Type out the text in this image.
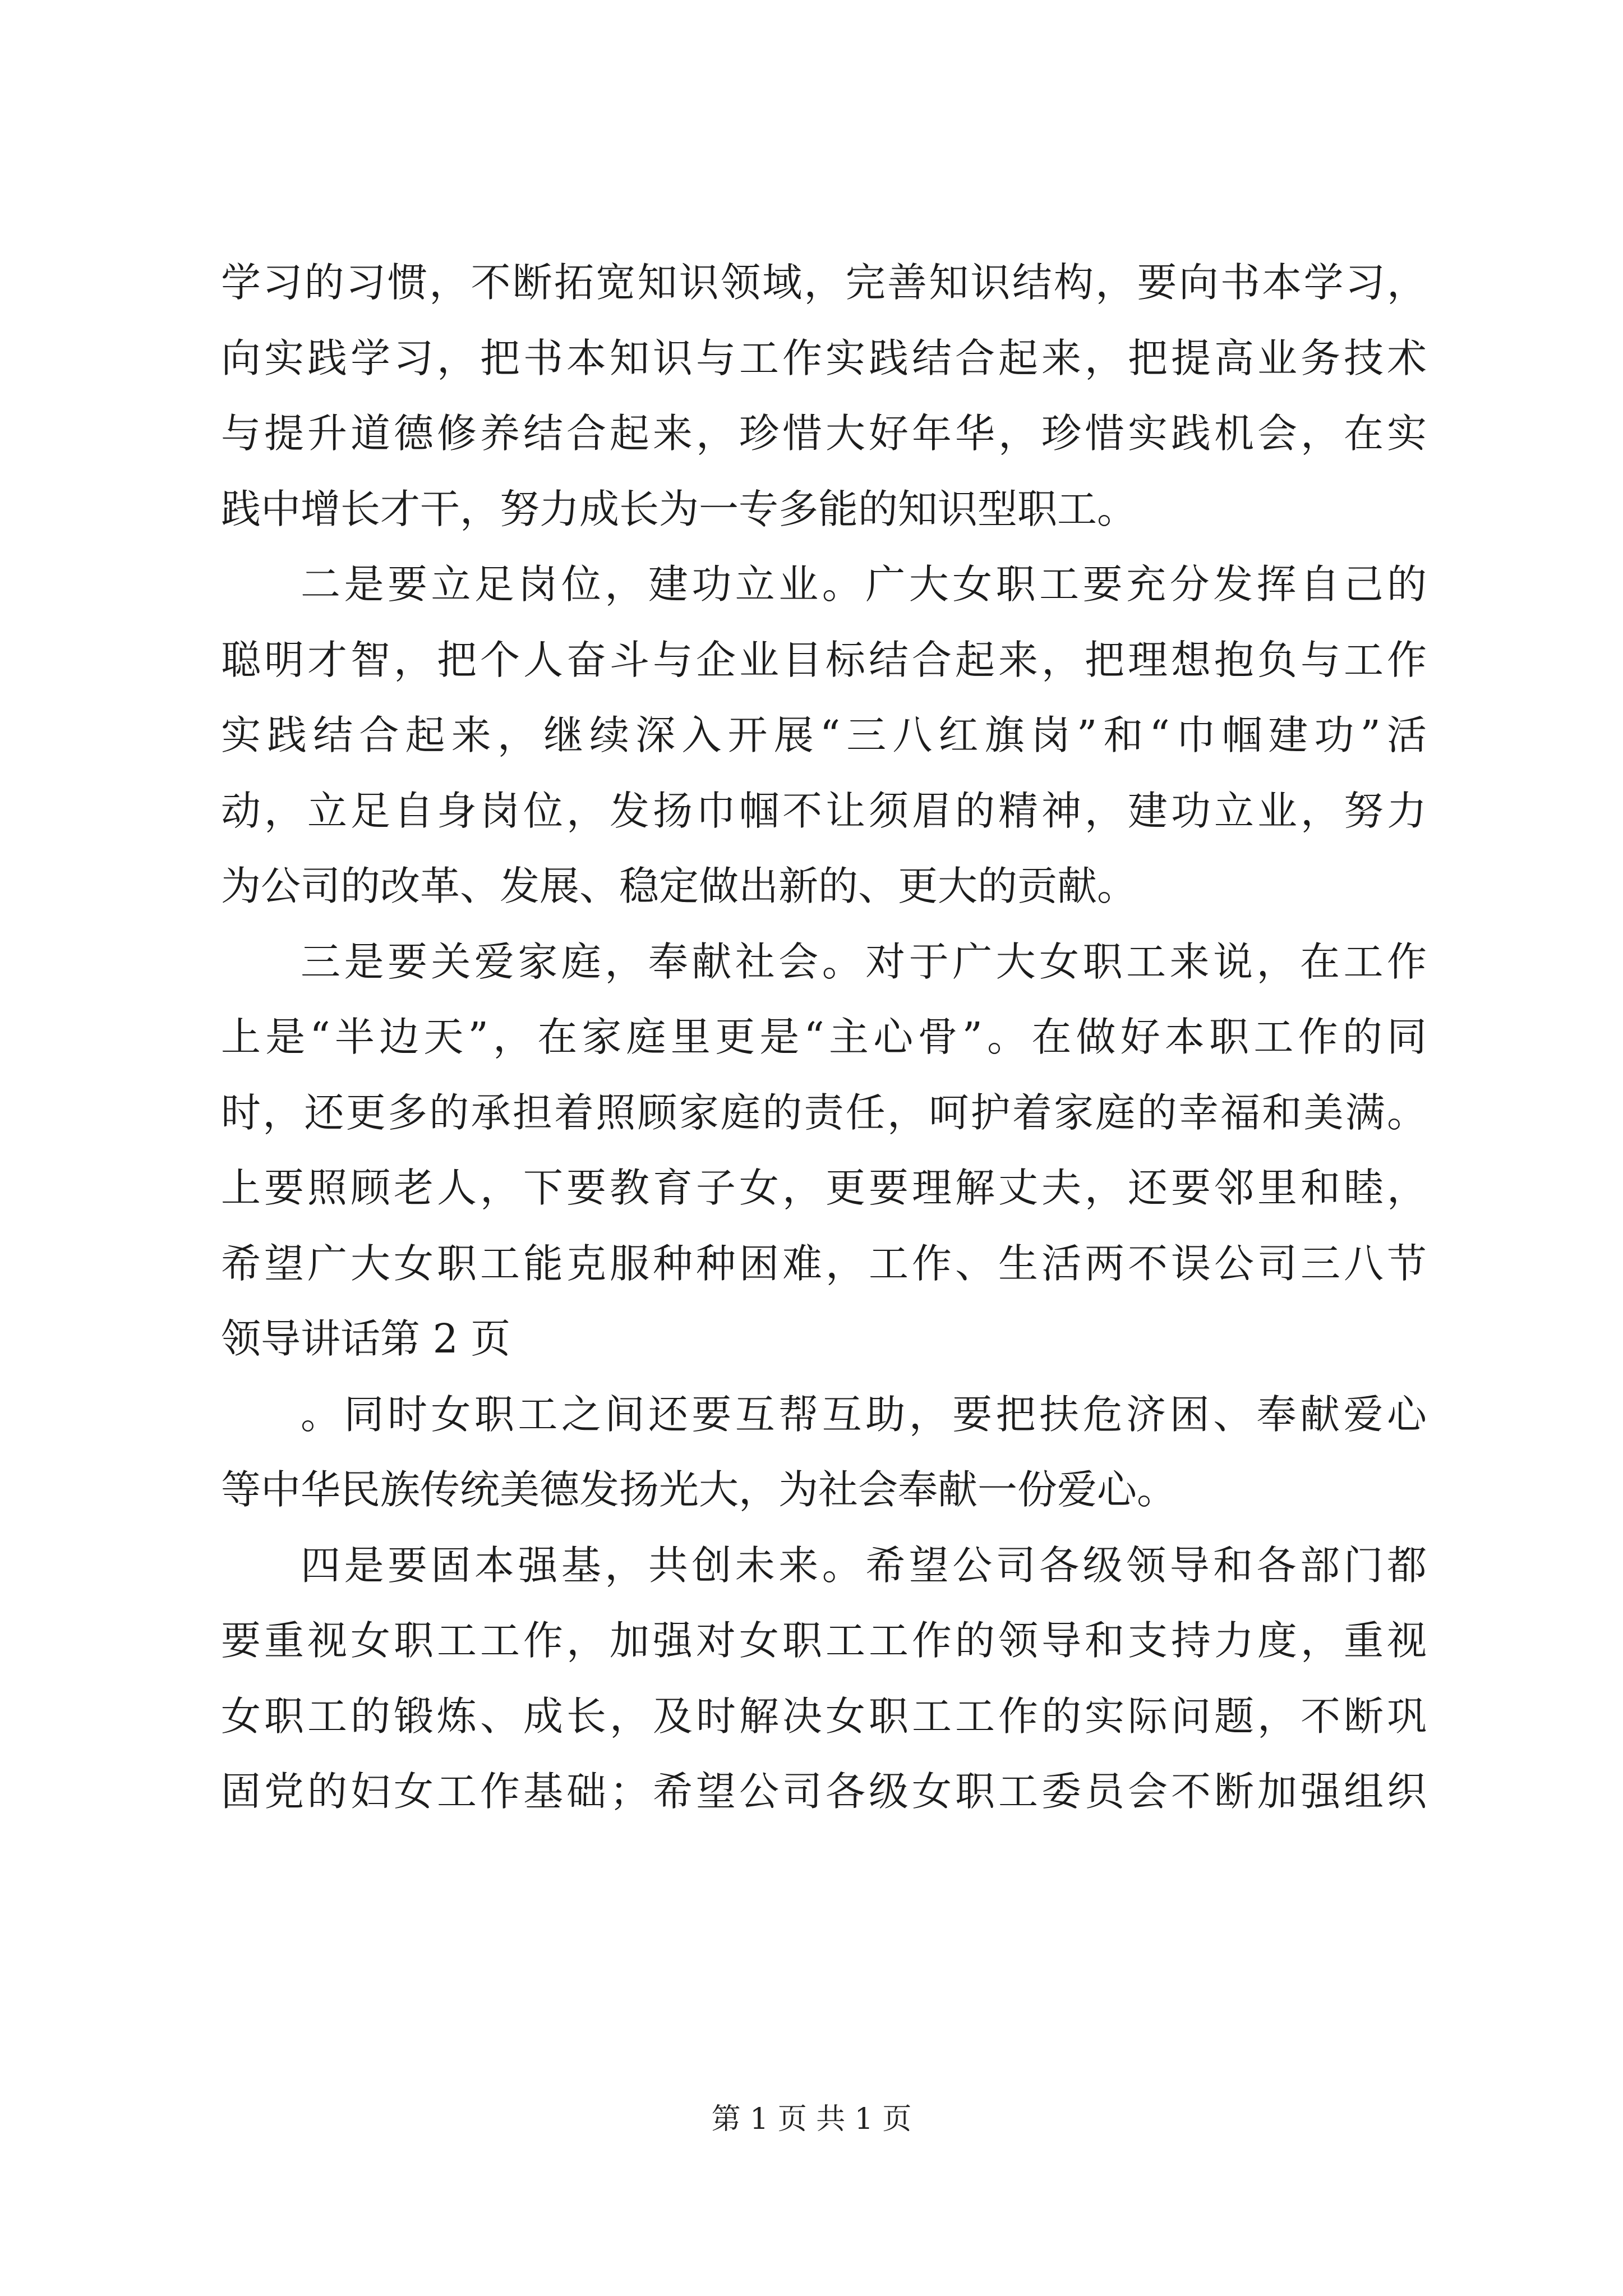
学习的习惯，不断拓宽知识领域，完善知识结构，要向书本学习，

向实践学习，把书本知识与工作实践结合起来，把提高业务技术

与提升道德修养结合起来，珍惜大好年华，珍惜实践机会，在实

践中增长才干，努力成长为一专多能的知识型职工。

二是要立足岗位，建功立业。广大女职工要充分发挥自己的

聪明才智，把个人奋斗与企业目标结合起来，把理想抱负与工作

实践结合起来，继续深入开展“三八红旗岗”和“巾帼建功”活

动，立足自身岗位，发扬巾帼不让须眉的精神，建功立业，努力

为公司的改革、发展、稳定做出新的、更大的贡献。

三是要关爱家庭，奉献社会。对于广大女职工来说，在工作

上是“半边天”，在家庭里更是“主心骨”。在做好本职工作的同

时，还更多的承担着照顾家庭的责任，呵护着家庭的幸福和美满。

上要照顾老人，下要教育子女，更要理解丈夫，还要邻里和睦，

希望广大女职工能克服种种困难，工作、生活两不误公司三八节

领导讲话第 2 页

。同时女职工之间还要互帮互助，要把扶危济困、奉献爱心

等中华民族传统美德发扬光大，为社会奉献一份爱心。

四是要固本强基，共创未来。希望公司各级领导和各部门都

要重视女职工工作，加强对女职工工作的领导和支持力度，重视

女职工的锻炼、成长，及时解决女职工工作的实际问题，不断巩

固党的妇女工作基础；希望公司各级女职工委员会不断加强组织

第 1 页 共 1 页
